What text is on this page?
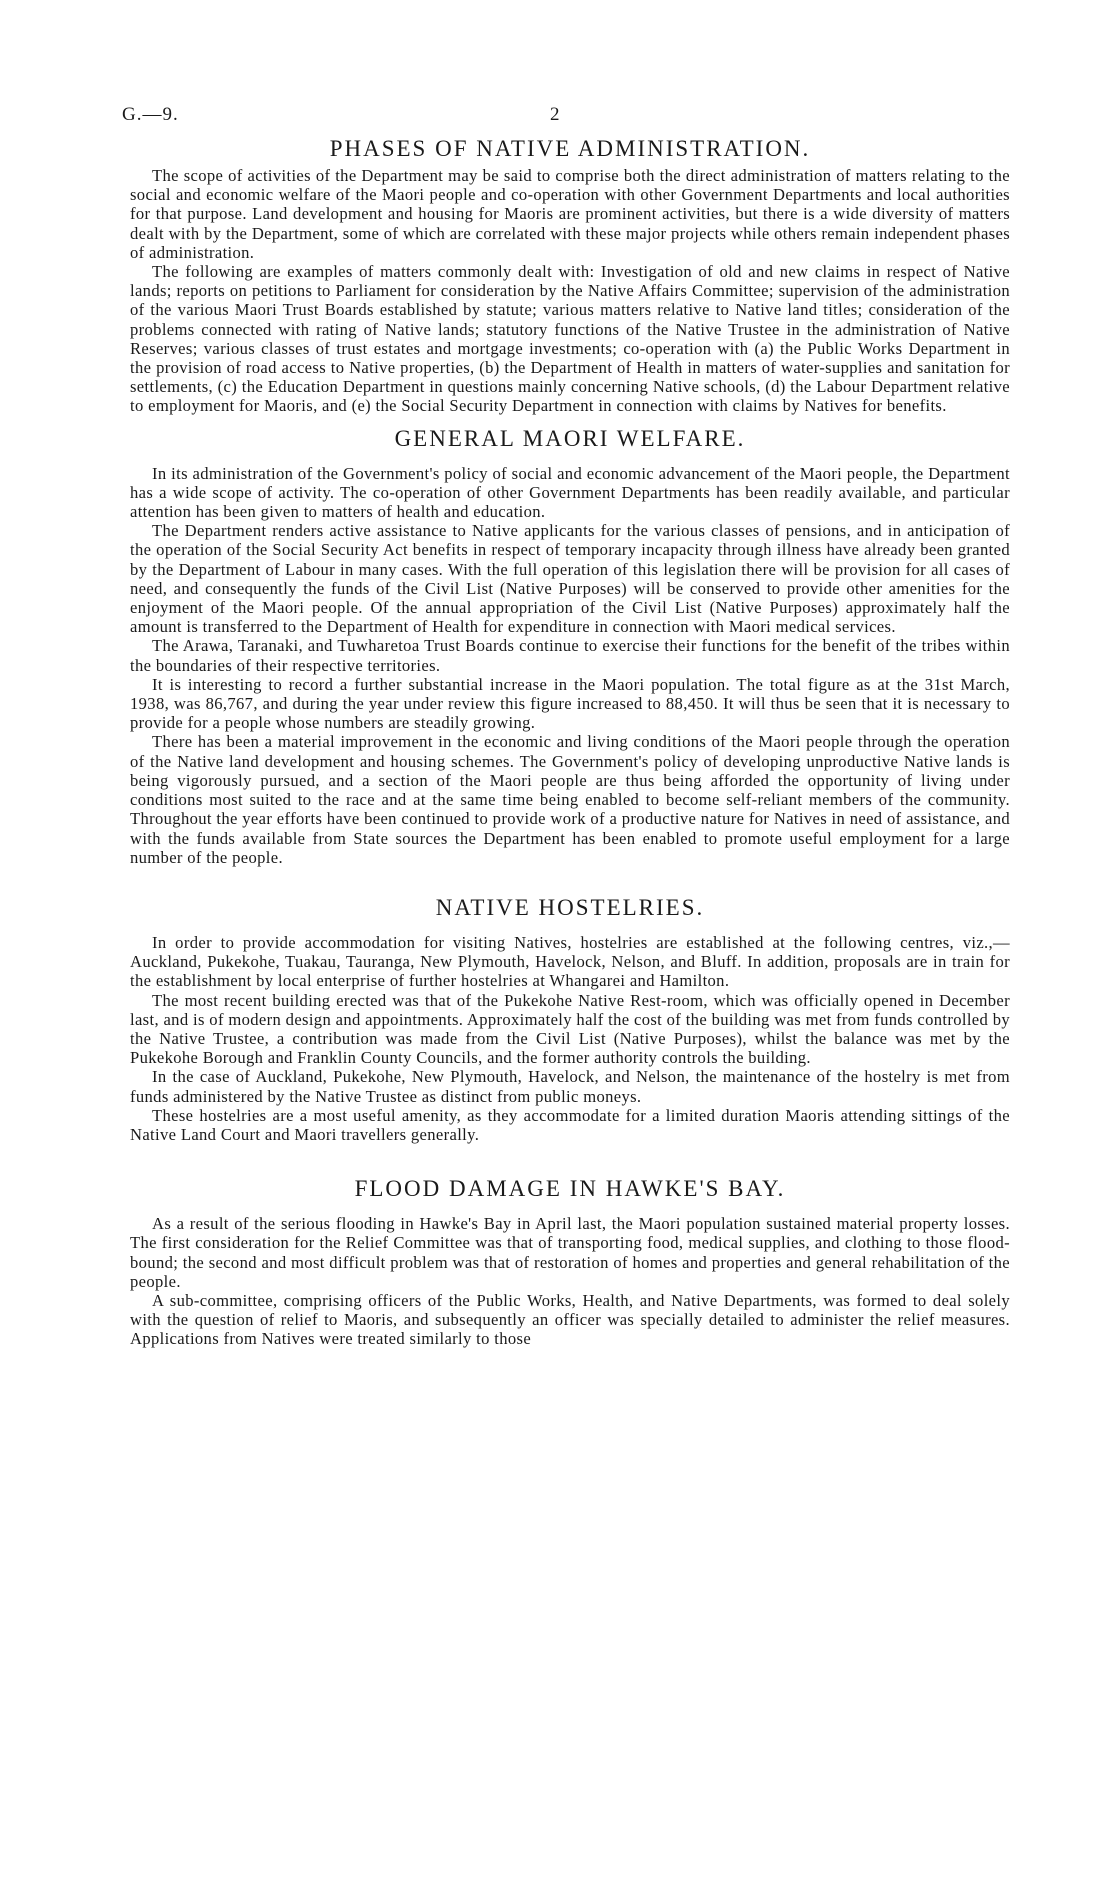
G.—9.	2
PHASES OF NATIVE ADMINISTRATION.

The scope of activities of the Department may be said to comprise both the direct administration of matters relating to the social and economic welfare of the Maori people and co-operation with other Government Departments and local authorities for that purpose. Land development and housing for Maoris are prominent activities, but there is a wide diversity of matters dealt with by the Department, some of which are correlated with these major projects while others remain independent phases of administration.

The following are examples of matters commonly dealt with: Investigation of old and new claims in respect of Native lands; reports on petitions to Parliament for consideration by the Native Affairs Committee; supervision of the administration of the various Maori Trust Boards established by statute; various matters relative to Native land titles; consideration of the problems connected with rating of Native lands; statutory functions of the Native Trustee in the administration of Native Reserves; various classes of trust estates and mortgage investments; co-operation with (a) the Public Works Department in the provision of road access to Native properties, (b) the Department of Health in matters of water-supplies and sanitation for settlements, (c) the Education Department in questions mainly concerning Native schools, (d) the Labour Department relative to employment for Maoris, and (e) the Social Security Department in connection with claims by Natives for benefits.

GENERAL MAORI WELFARE.

In its administration of the Government's policy of social and economic advancement of the Maori people, the Department has a wide scope of activity. The co-operation of other Government Departments has been readily available, and particular attention has been given to matters of health and education.

The Department renders active assistance to Native applicants for the various classes of pensions, and in anticipation of the operation of the Social Security Act benefits in respect of temporary incapacity through illness have already been granted by the Department of Labour in many cases. With the full operation of this legislation there will be provision for all cases of need, and consequently the funds of the Civil List (Native Purposes) will be conserved to provide other amenities for the enjoyment of the Maori people. Of the annual appropriation of the Civil List (Native Purposes) approximately half the amount is transferred to the Department of Health for expenditure in connection with Maori medical services.

The Arawa, Taranaki, and Tuwharetoa Trust Boards continue to exercise their functions for the benefit of the tribes within the boundaries of their respective territories.

It is interesting to record a further substantial increase in the Maori population. The total figure as at the 31st March, 1938, was 86,767, and during the year under review this figure increased to 88,450. It will thus be seen that it is necessary to provide for a people whose numbers are steadily growing.

There has been a material improvement in the economic and living conditions of the Maori people through the operation of the Native land development and housing schemes. The Government's policy of developing unproductive Native lands is being vigorously pursued, and a section of the Maori people are thus being afforded the opportunity of living under conditions most suited to the race and at the same time being enabled to become self-reliant members of the community. Throughout the year efforts have been continued to provide work of a productive nature for Natives in need of assistance, and with the funds available from State sources the Department has been enabled to promote useful employment for a large number of the people.

NATIVE HOSTELRIES.

In order to provide accommodation for visiting Natives, hostelries are established at the following centres, viz.,—Auckland, Pukekohe, Tuakau, Tauranga, New Plymouth, Havelock, Nelson, and Bluff. In addition, proposals are in train for the establishment by local enterprise of further hostelries at Whangarei and Hamilton.

The most recent building erected was that of the Pukekohe Native Rest-room, which was officially opened in December last, and is of modern design and appointments. Approximately half the cost of the building was met from funds controlled by the Native Trustee, a contribution was made from the Civil List (Native Purposes), whilst the balance was met by the Pukekohe Borough and Franklin County Councils, and the former authority controls the building.

In the case of Auckland, Pukekohe, New Plymouth, Havelock, and Nelson, the maintenance of the hostelry is met from funds administered by the Native Trustee as distinct from public moneys.

These hostelries are a most useful amenity, as they accommodate for a limited duration Maoris attending sittings of the Native Land Court and Maori travellers generally.

FLOOD DAMAGE IN HAWKE'S BAY.

As a result of the serious flooding in Hawke's Bay in April last, the Maori population sustained material property losses. The first consideration for the Relief Committee was that of transporting food, medical supplies, and clothing to those flood-bound; the second and most difficult problem was that of restoration of homes and properties and general rehabilitation of the people.

A sub-committee, comprising officers of the Public Works, Health, and Native Departments, was formed to deal solely with the question of relief to Maoris, and subsequently an officer was specially detailed to administer the relief measures. Applications from Natives were treated similarly to those
